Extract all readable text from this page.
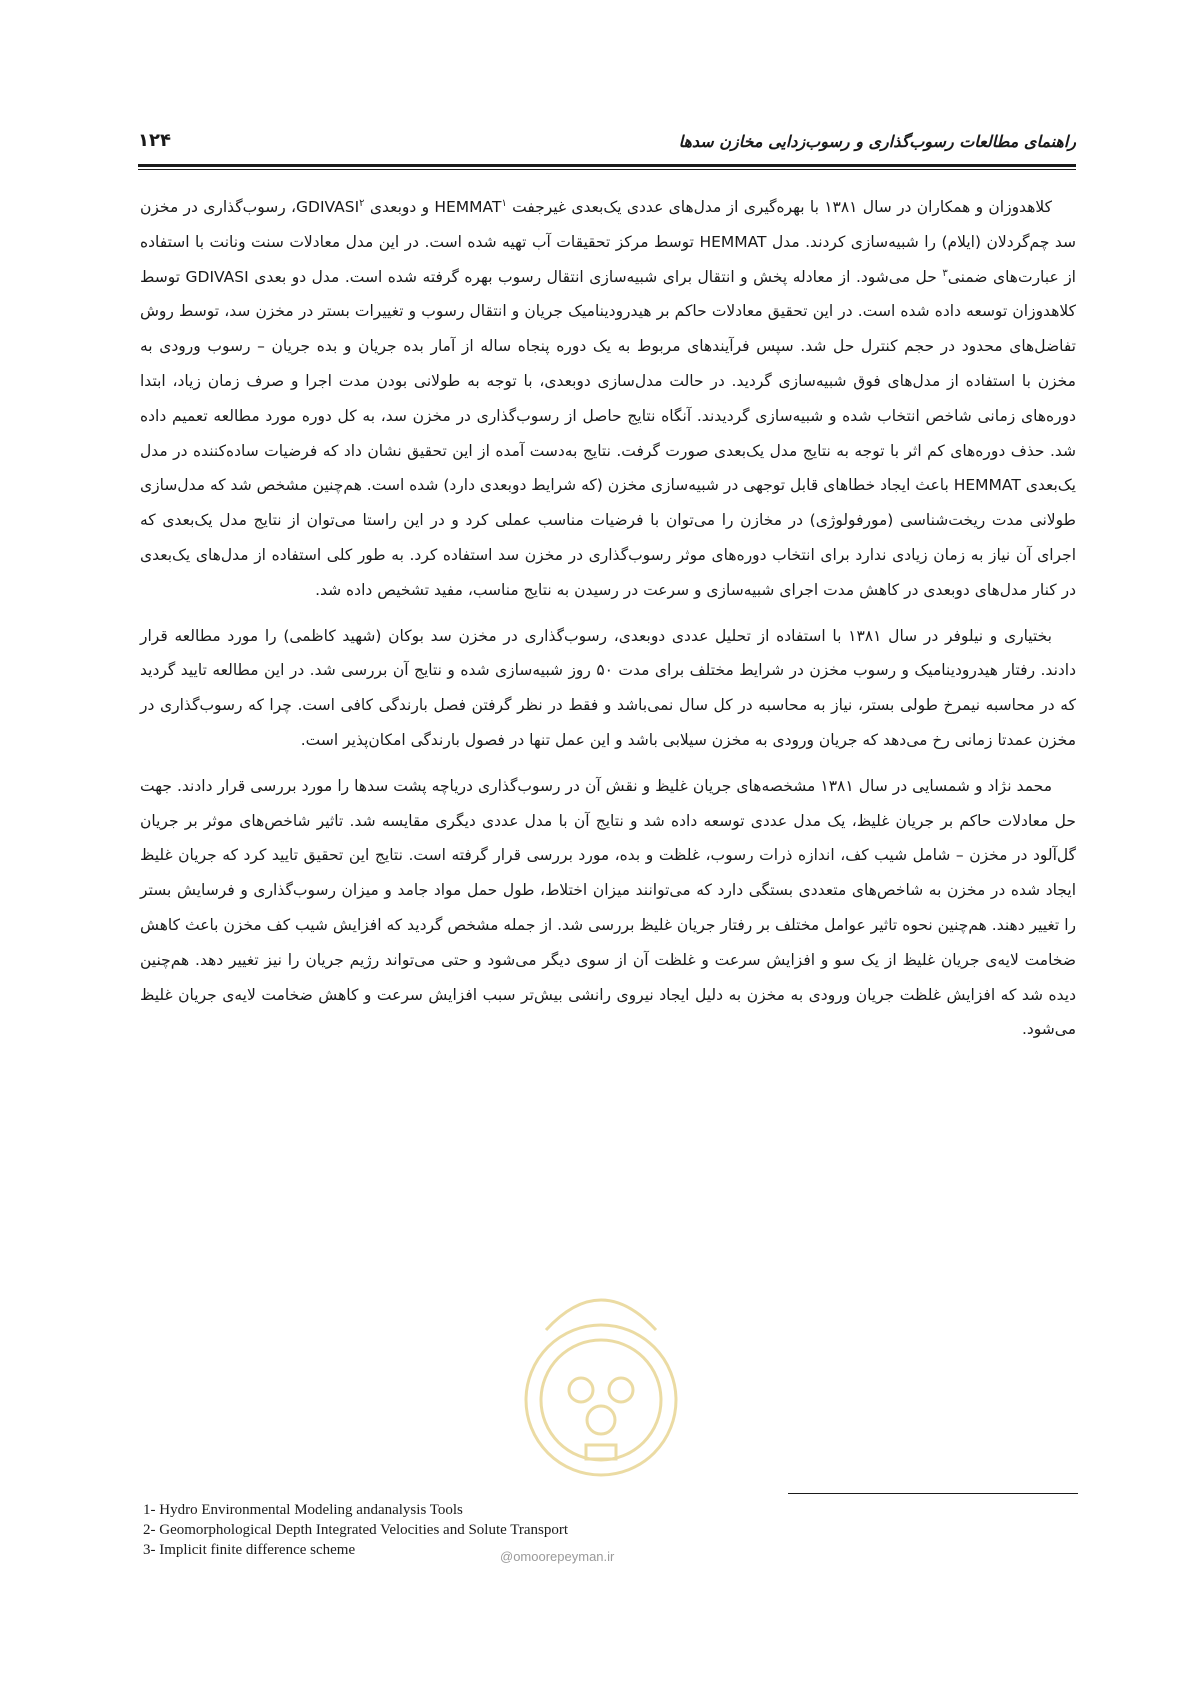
۱۲۴	راهنمای مطالعات رسوب‌گذاری و رسوب‌زدایی مخازن سدها

کلاهدوزان و همکاران در سال ۱۳۸۱ با بهره‌گیری از مدل‌های عددی یک‌بعدی غیرجفت HEMMAT$^۱$ و دوبعدی GDIVASI$^۲$، رسوب‌گذاری در مخزن سد چم‌گردلان (ایلام) را شبیه‌سازی کردند. مدل HEMMAT توسط مرکز تحقیقات آب تهیه شده است. در این مدل معادلات سنت ونانت با استفاده از عبارت‌های ضمنی$^۳$ حل می‌شود. از معادله پخش و انتقال برای شبیه‌سازی انتقال رسوب بهره گرفته شده است. مدل دو بعدی GDIVASI توسط کلاهدوزان توسعه داده شده است. در این تحقیق معادلات حاکم بر هیدرودینامیک جریان و انتقال رسوب و تغییرات بستر در مخزن سد، توسط روش تفاضل‌های محدود در حجم کنترل حل شد. سپس فرآیندهای مربوط به یک دوره پنجاه ساله از آمار بده جریان و بده جریان – رسوب ورودی به مخزن با استفاده از مدل‌های فوق شبیه‌سازی گردید. در حالت مدل‌سازی دوبعدی، با توجه به طولانی بودن مدت اجرا و صرف زمان زیاد، ابتدا دوره‌های زمانی شاخص انتخاب شده و شبیه‌سازی گردیدند. آنگاه نتایج حاصل از رسوب‌گذاری در مخزن سد، به کل دوره مورد مطالعه تعمیم داده شد. حذف دوره‌های کم اثر با توجه به نتایج مدل یک‌بعدی صورت گرفت. نتایج به‌دست آمده از این تحقیق نشان داد که فرضیات ساده‌کننده در مدل یک‌بعدی HEMMAT باعث ایجاد خطاهای قابل توجهی در شبیه‌سازی مخزن (که شرایط دوبعدی دارد) شده است. هم‌چنین مشخص شد که مدل‌سازی طولانی مدت ریخت‌شناسی (مورفولوژی) در مخازن را می‌توان با فرضیات مناسب عملی کرد و در این راستا می‌توان از نتایج مدل یک‌بعدی که اجرای آن نیاز به زمان زیادی ندارد برای انتخاب دوره‌های موثر رسوب‌گذاری در مخزن سد استفاده کرد. به طور کلی استفاده از مدل‌های یک‌بعدی در کنار مدل‌های دوبعدی در کاهش مدت اجرای شبیه‌سازی و سرعت در رسیدن به نتایج مناسب، مفید تشخیص داده شد.

بختیاری و نیلوفر در سال ۱۳۸۱ با استفاده از تحلیل عددی دوبعدی، رسوب‌گذاری در مخزن سد بوکان (شهید کاظمی) را مورد مطالعه قرار دادند. رفتار هیدرودینامیک و رسوب مخزن در شرایط مختلف برای مدت ۵۰ روز شبیه‌سازی شده و نتایج آن بررسی شد. در این مطالعه تایید گردید که در محاسبه نیمرخ طولی بستر، نیاز به محاسبه در کل سال نمی‌باشد و فقط در نظر گرفتن فصل بارندگی کافی است. چرا که رسوب‌گذاری در مخزن عمدتا زمانی رخ می‌دهد که جریان ورودی به مخزن سیلابی باشد و این عمل تنها در فصول بارندگی امکان‌پذیر است.

محمد نژاد و شمسایی در سال ۱۳۸۱ مشخصه‌های جریان غلیظ و نقش آن در رسوب‌گذاری دریاچه پشت سدها را مورد بررسی قرار دادند. جهت حل معادلات حاکم بر جریان غلیظ، یک مدل عددی توسعه داده شد و نتایج آن با مدل عددی دیگری مقایسه شد. تاثیر شاخص‌های موثر بر جریان گل‌آلود در مخزن – شامل شیب کف، اندازه ذرات رسوب، غلظت و بده، مورد بررسی قرار گرفته است. نتایج این تحقیق تایید کرد که جریان غلیظ ایجاد شده در مخزن به شاخص‌های متعددی بستگی دارد که می‌توانند میزان اختلاط، طول حمل مواد جامد و میزان رسوب‌گذاری و فرسایش بستر را تغییر دهند. هم‌چنین نحوه تاثیر عوامل مختلف بر رفتار جریان غلیظ بررسی شد. از جمله مشخص گردید که افزایش شیب کف مخزن باعث کاهش ضخامت لایه‌ی جریان غلیظ از یک سو و افزایش سرعت و غلظت آن از سوی دیگر می‌شود و حتی می‌تواند رژیم جریان را نیز تغییر دهد. هم‌چنین دیده شد که افزایش غلظت جریان ورودی به مخزن به دلیل ایجاد نیروی رانشی بیش‌تر سبب افزایش سرعت و کاهش ضخامت لایه‌ی جریان غلیظ می‌شود.

@omoorepeyman.ir
1- Hydro Environmental Modeling andanalysis Tools
2- Geomorphological Depth Integrated Velocities and Solute Transport
3- Implicit finite difference scheme
